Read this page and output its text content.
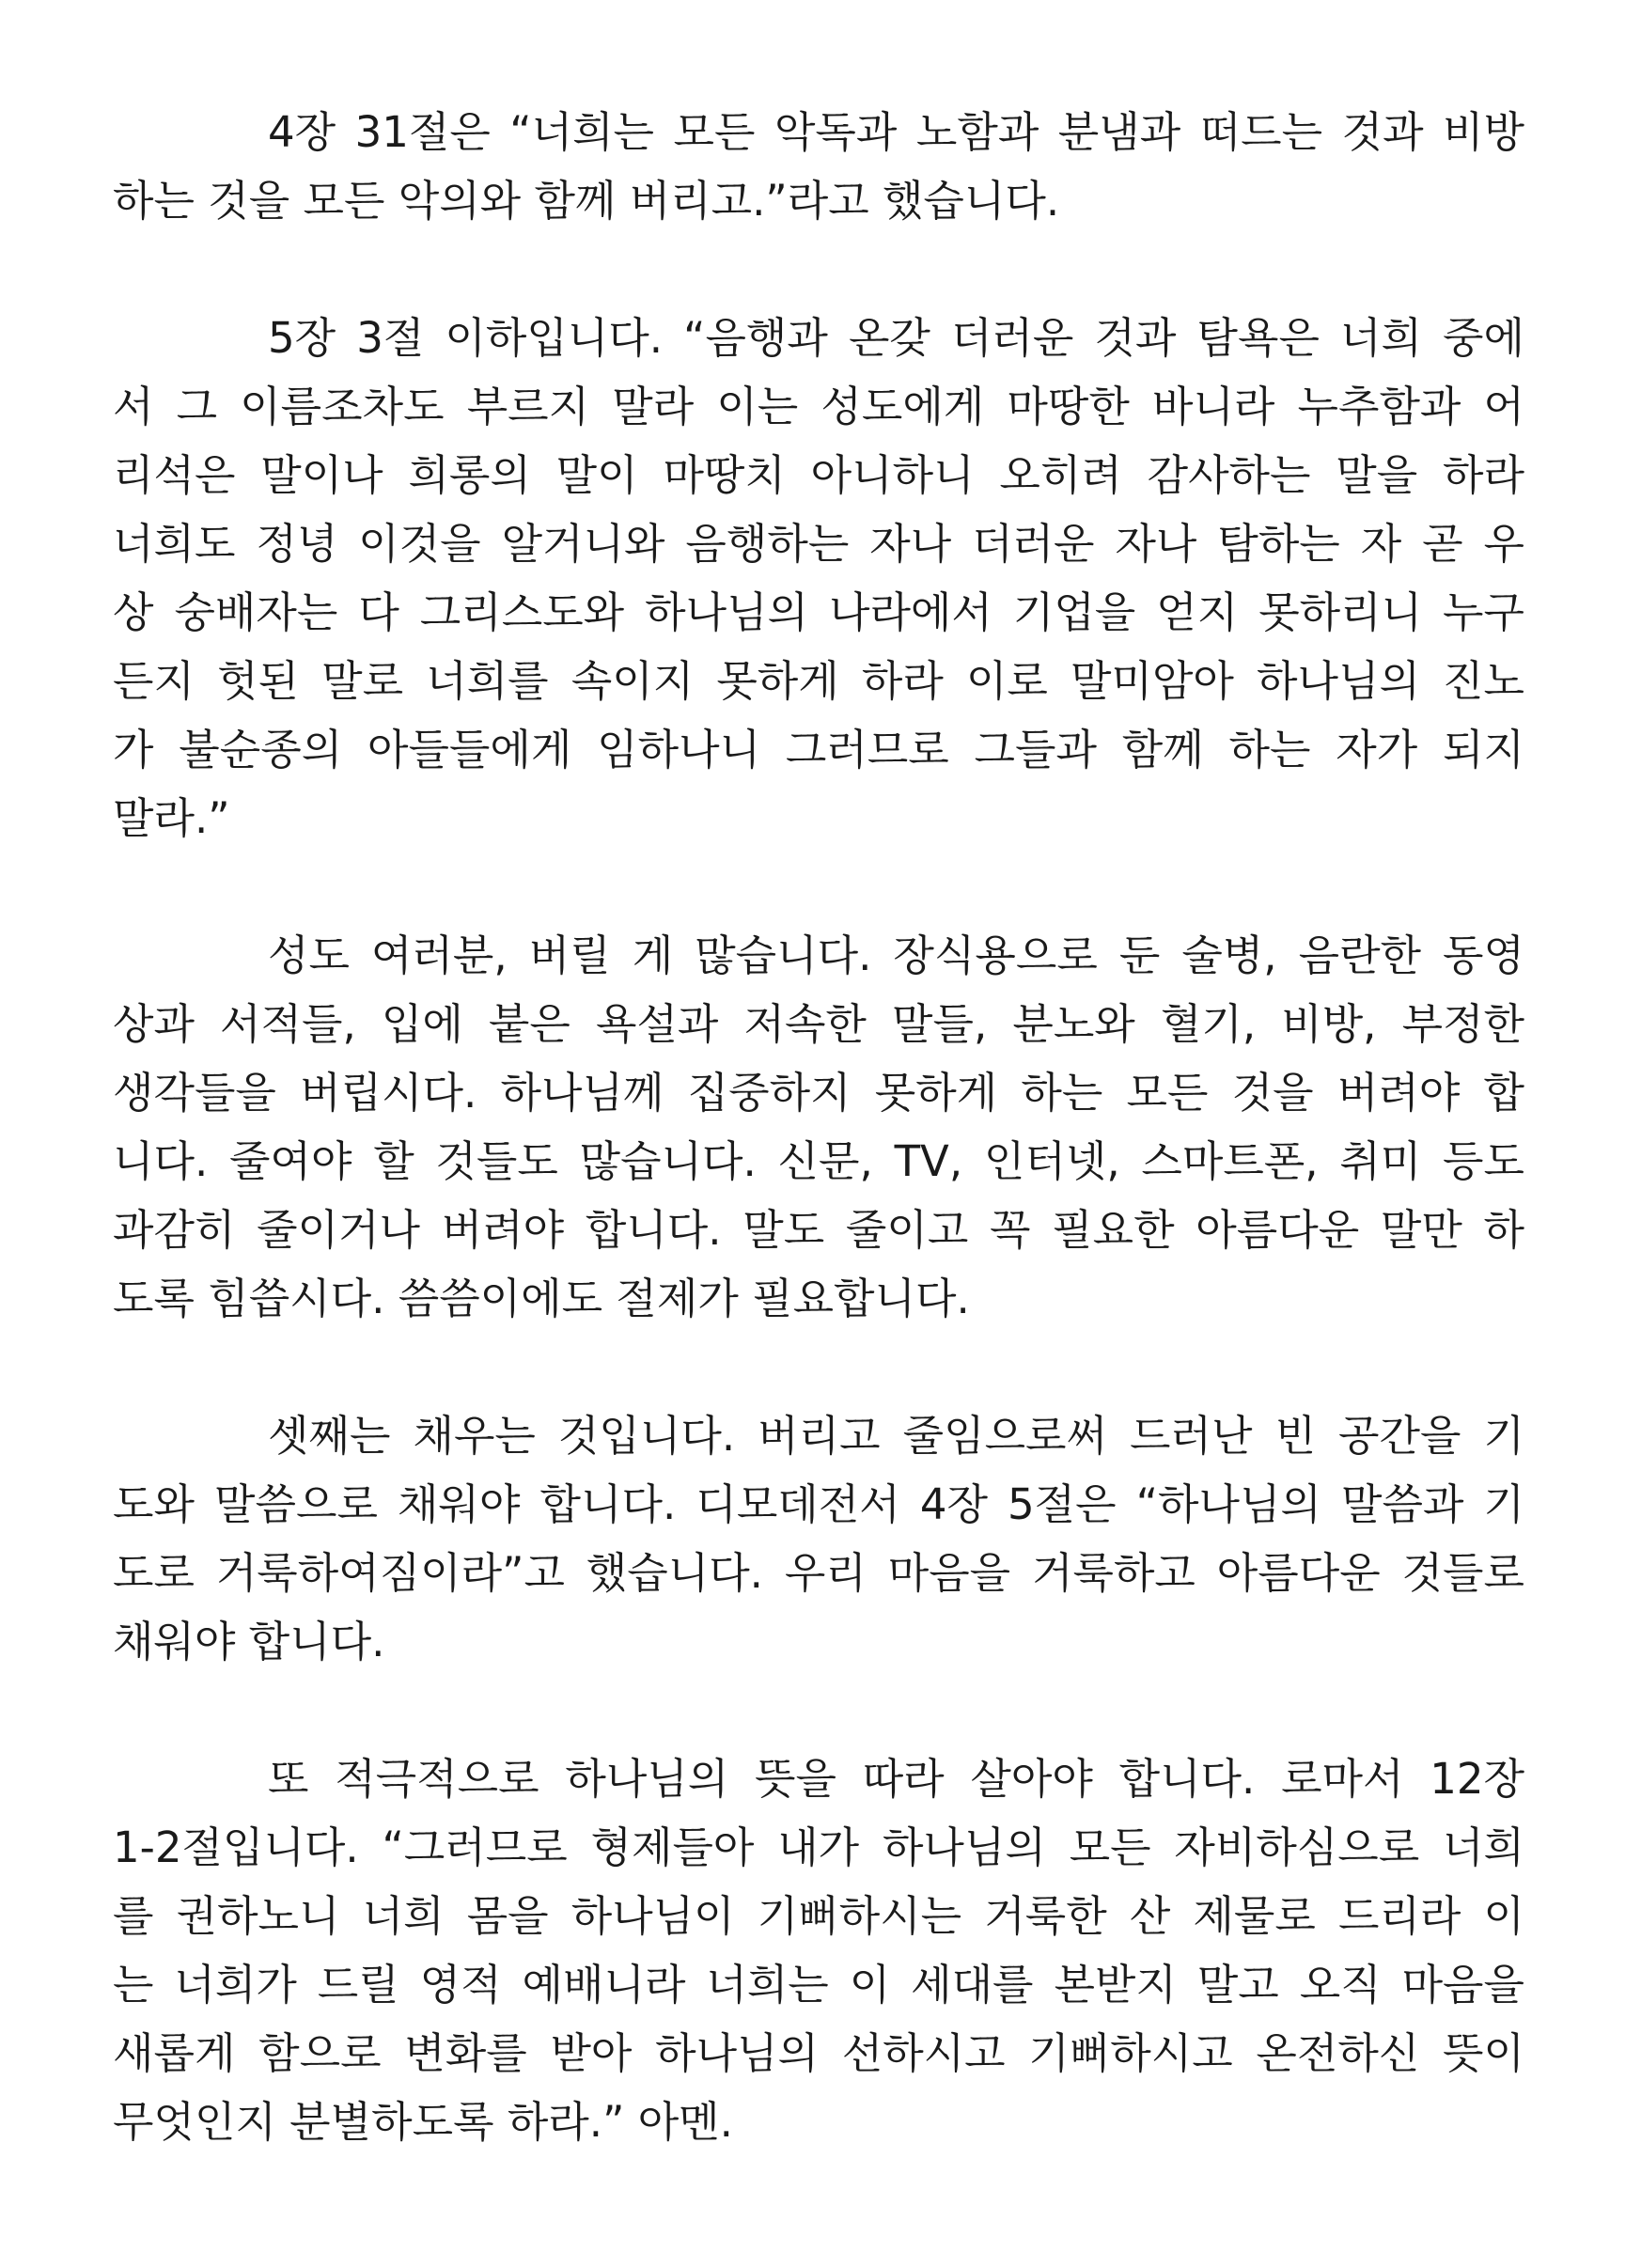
4장 31절은 “너희는 모든 악독과 노함과 분냄과 떠드는 것과 비방
하는 것을 모든 악의와 함께 버리고.”라고 했습니다.
5장 3절 이하입니다. “음행과 온갖 더러운 것과 탐욕은 너희 중에
서 그 이름조차도 부르지 말라 이는 성도에게 마땅한 바니라 누추함과 어
리석은 말이나 희롱의 말이 마땅치 아니하니 오히려 감사하는 말을 하라
너희도 정녕 이것을 알거니와 음행하는 자나 더러운 자나 탐하는 자 곧 우
상 숭배자는 다 그리스도와 하나님의 나라에서 기업을 얻지 못하리니 누구
든지 헛된 말로 너희를 속이지 못하게 하라 이로 말미암아 하나님의 진노
가 불순종의 아들들에게 임하나니 그러므로 그들과 함께 하는 자가 되지
말라.”
성도 여러분, 버릴 게 많습니다. 장식용으로 둔 술병, 음란한 동영
상과 서적들, 입에 붙은 욕설과 저속한 말들, 분노와 혈기, 비방, 부정한
생각들을 버립시다. 하나님께 집중하지 못하게 하는 모든 것을 버려야 합
니다. 줄여야 할 것들도 많습니다. 신문, TV, 인터넷, 스마트폰, 취미 등도
과감히 줄이거나 버려야 합니다. 말도 줄이고 꼭 필요한 아름다운 말만 하
도록 힘씁시다. 씀씀이에도 절제가 필요합니다.
셋째는 채우는 것입니다. 버리고 줄임으로써 드러난 빈 공간을 기
도와 말씀으로 채워야 합니다. 디모데전서 4장 5절은 “하나님의 말씀과 기
도로 거룩하여짐이라”고 했습니다. 우리 마음을 거룩하고 아름다운 것들로
채워야 합니다.
또 적극적으로 하나님의 뜻을 따라 살아야 합니다. 로마서 12장
1-2절입니다. “그러므로 형제들아 내가 하나님의 모든 자비하심으로 너희
를 권하노니 너희 몸을 하나님이 기뻐하시는 거룩한 산 제물로 드리라 이
는 너희가 드릴 영적 예배니라 너희는 이 세대를 본받지 말고 오직 마음을
새롭게 함으로 변화를 받아 하나님의 선하시고 기뻐하시고 온전하신 뜻이
무엇인지 분별하도록 하라.” 아멘.
